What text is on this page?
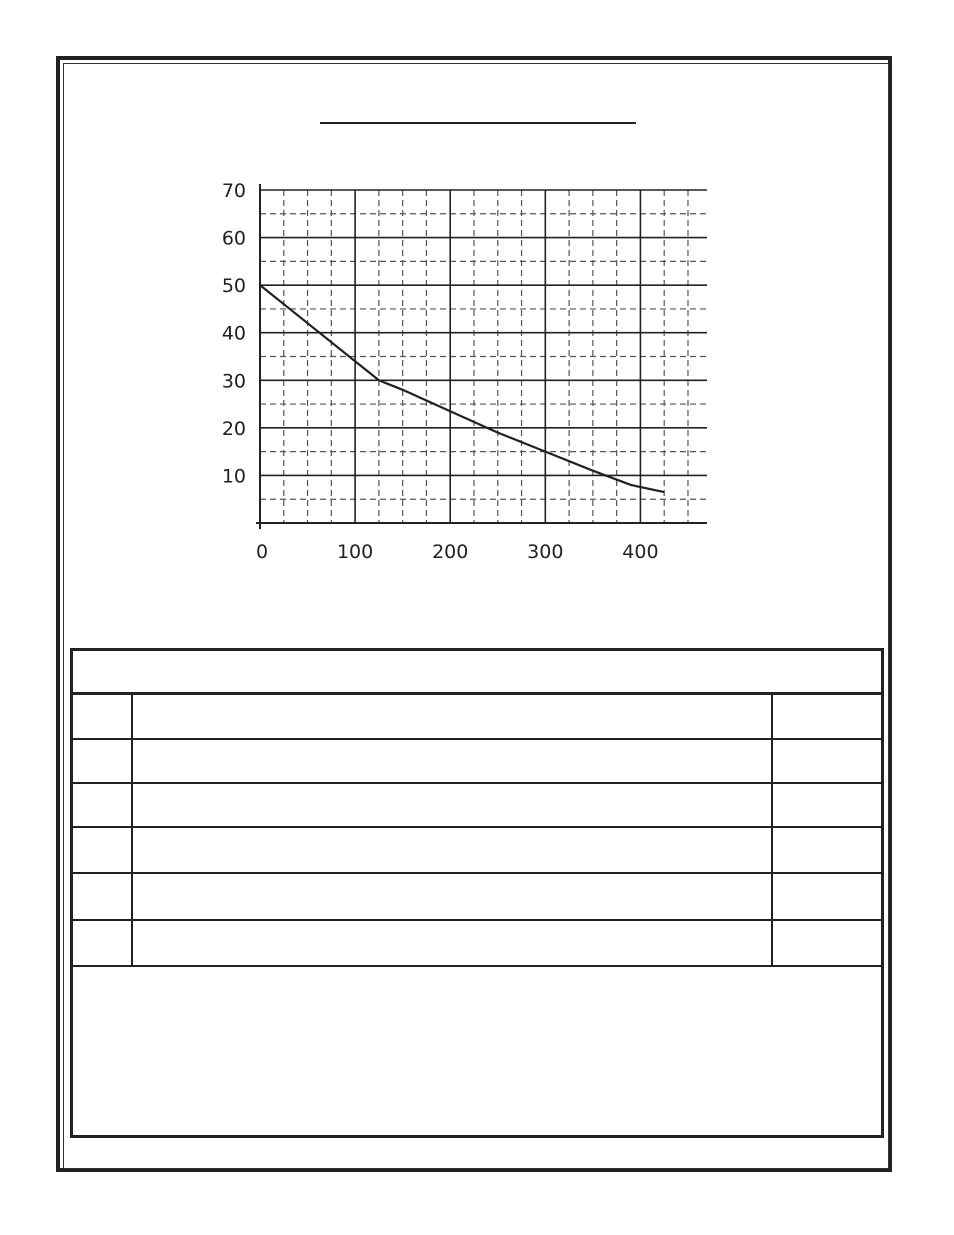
10
20
30
40
50
60
70
0	100	200	300	400
